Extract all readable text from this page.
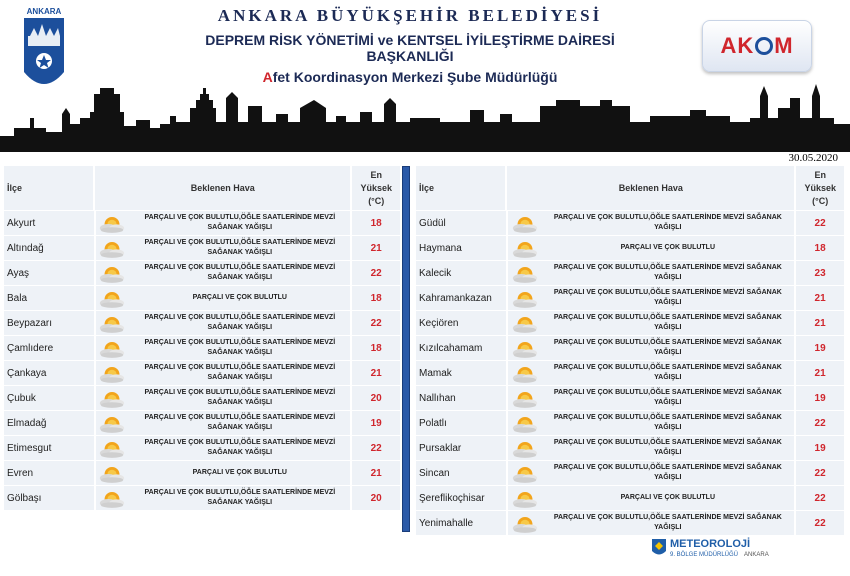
ANKARA	ANKARA BÜYÜKŞEHİR BELEDİYESİ
DEPREM RİSK YÖNETİMİ ve KENTSEL İYİLEŞTİRME DAİRESİ BAŞKANLIĞI
Afet Koordinasyon Merkezi Şube Müdürlüğü
AK M
30.05.2020
İlçe	Beklenen Hava
En
Yüksek
(°C)
Akyurt	PARÇALI VE ÇOK BULUTLU,ÖĞLE SAATLERİNDE MEVZİ SAĞANAK YAĞIŞLI	18
Altındağ	PARÇALI VE ÇOK BULUTLU,ÖĞLE SAATLERİNDE MEVZİ SAĞANAK YAĞIŞLI	21
Ayaş	PARÇALI VE ÇOK BULUTLU,ÖĞLE SAATLERİNDE MEVZİ SAĞANAK YAĞIŞLI	22
Bala	PARÇALI VE ÇOK BULUTLU	18
Beypazarı	PARÇALI VE ÇOK BULUTLU,ÖĞLE SAATLERİNDE MEVZİ SAĞANAK YAĞIŞLI	22
Çamlıdere	PARÇALI VE ÇOK BULUTLU,ÖĞLE SAATLERİNDE MEVZİ SAĞANAK YAĞIŞLI	18
Çankaya	PARÇALI VE ÇOK BULUTLU,ÖĞLE SAATLERİNDE MEVZİ SAĞANAK YAĞIŞLI	21
Çubuk	PARÇALI VE ÇOK BULUTLU,ÖĞLE SAATLERİNDE MEVZİ SAĞANAK YAĞIŞLI	20
Elmadağ	PARÇALI VE ÇOK BULUTLU,ÖĞLE SAATLERİNDE MEVZİ SAĞANAK YAĞIŞLI	19
Etimesgut	PARÇALI VE ÇOK BULUTLU,ÖĞLE SAATLERİNDE MEVZİ SAĞANAK YAĞIŞLI	22
Evren	PARÇALI VE ÇOK BULUTLU	21
Gölbaşı	PARÇALI VE ÇOK BULUTLU,ÖĞLE SAATLERİNDE MEVZİ SAĞANAK YAĞIŞLI	20
İlçe	Beklenen Hava
En
Yüksek
(°C)
Güdül	PARÇALI VE ÇOK BULUTLU,ÖĞLE SAATLERİNDE MEVZİ SAĞANAK YAĞIŞLI	22
Haymana	PARÇALI VE ÇOK BULUTLU	18
Kalecik	PARÇALI VE ÇOK BULUTLU,ÖĞLE SAATLERİNDE MEVZİ SAĞANAK YAĞIŞLI	23
Kahramankazan	PARÇALI VE ÇOK BULUTLU,ÖĞLE SAATLERİNDE MEVZİ SAĞANAK YAĞIŞLI	21
Keçiören	PARÇALI VE ÇOK BULUTLU,ÖĞLE SAATLERİNDE MEVZİ SAĞANAK YAĞIŞLI	21
Kızılcahamam	PARÇALI VE ÇOK BULUTLU,ÖĞLE SAATLERİNDE MEVZİ SAĞANAK YAĞIŞLI	19
Mamak	PARÇALI VE ÇOK BULUTLU,ÖĞLE SAATLERİNDE MEVZİ SAĞANAK YAĞIŞLI	21
Nallıhan	PARÇALI VE ÇOK BULUTLU,ÖĞLE SAATLERİNDE MEVZİ SAĞANAK YAĞIŞLI	19
Polatlı	PARÇALI VE ÇOK BULUTLU,ÖĞLE SAATLERİNDE MEVZİ SAĞANAK YAĞIŞLI	22
Pursaklar	PARÇALI VE ÇOK BULUTLU,ÖĞLE SAATLERİNDE MEVZİ SAĞANAK YAĞIŞLI	19
Sincan	PARÇALI VE ÇOK BULUTLU,ÖĞLE SAATLERİNDE MEVZİ SAĞANAK YAĞIŞLI	22
Şereflikoçhisar	PARÇALI VE ÇOK BULUTLU	22
Yenimahalle	PARÇALI VE ÇOK BULUTLU,ÖĞLE SAATLERİNDE MEVZİ SAĞANAK YAĞIŞLI	22
METEOROLOJİ
9. BÖLGE MÜDÜRLÜĞÜ ANKARA
